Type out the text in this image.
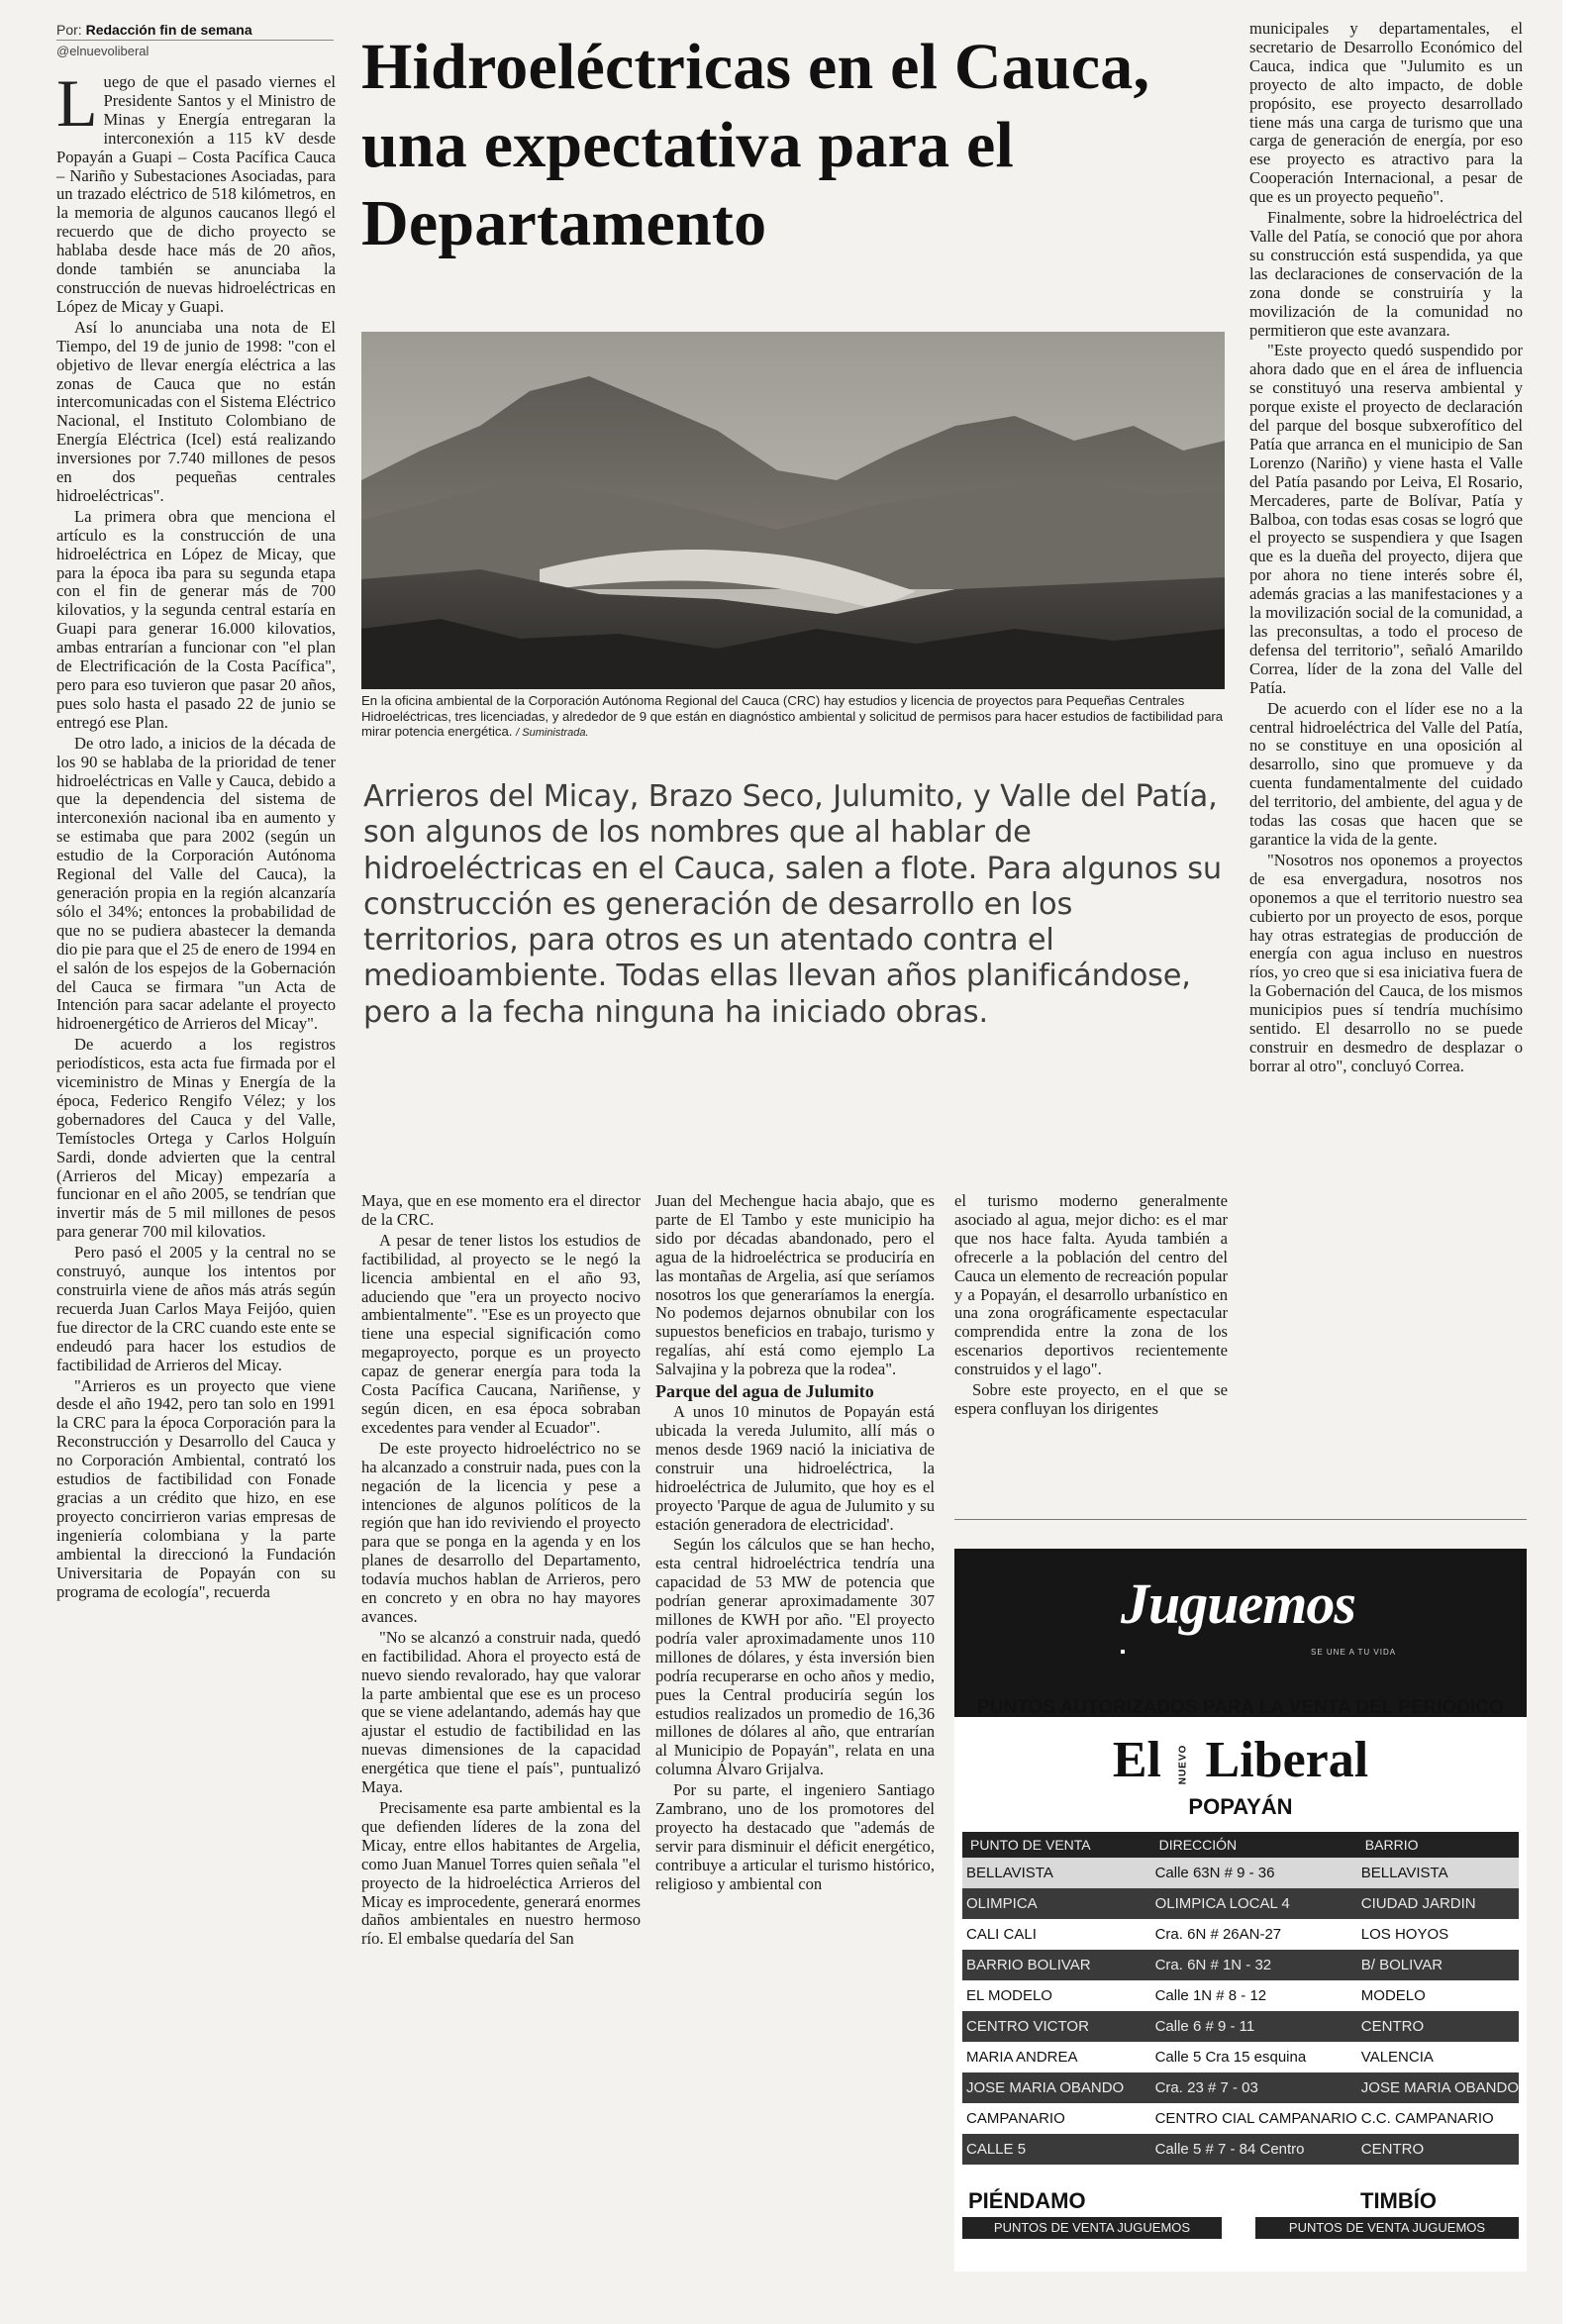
Por: Redacción fin de semana
@elnuevoliberal

Luego de que el pasado viernes el Presidente Santos y el Ministro de Minas y Energía entregaran la interconexión a 115 kV desde Popayán a Guapi – Costa Pacífica Cauca – Nariño y Subestaciones Asociadas, para un trazado eléctrico de 518 kilómetros, en la memoria de algunos caucanos llegó el recuerdo que de dicho proyecto se hablaba desde hace más de 20 años, donde también se anunciaba la construcción de nuevas hidroeléctricas en López de Micay y Guapi.

Así lo anunciaba una nota de El Tiempo, del 19 de junio de 1998: "con el objetivo de llevar energía eléctrica a las zonas de Cauca que no están intercomunicadas con el Sistema Eléctrico Nacional, el Instituto Colombiano de Energía Eléctrica (Icel) está realizando inversiones por 7.740 millones de pesos en dos pequeñas centrales hidroeléctricas".

La primera obra que menciona el artículo es la construcción de una hidroeléctrica en López de Micay, que para la época iba para su segunda etapa con el fin de generar más de 700 kilovatios, y la segunda central estaría en Guapi para generar 16.000 kilovatios, ambas entrarían a funcionar con "el plan de Electrificación de la Costa Pacífica", pero para eso tuvieron que pasar 20 años, pues solo hasta el pasado 22 de junio se entregó ese Plan.

De otro lado, a inicios de la década de los 90 se hablaba de la prioridad de tener hidroeléctricas en Valle y Cauca, debido a que la dependencia del sistema de interconexión nacional iba en aumento y se estimaba que para 2002 (según un estudio de la Corporación Autónoma Regional del Valle del Cauca), la generación propia en la región alcanzaría sólo el 34%; entonces la probabilidad de que no se pudiera abastecer la demanda dio pie para que el 25 de enero de 1994 en el salón de los espejos de la Gobernación del Cauca se firmara "un Acta de Intención para sacar adelante el proyecto hidroenergético de Arrieros del Micay".

De acuerdo a los registros periodísticos, esta acta fue firmada por el viceministro de Minas y Energía de la época, Federico Rengifo Vélez; y los gobernadores del Cauca y del Valle, Temístocles Ortega y Carlos Holguín Sardi, donde advierten que la central (Arrieros del Micay) empezaría a funcionar en el año 2005, se tendrían que invertir más de 5 mil millones de pesos para generar 700 mil kilovatios.

Pero pasó el 2005 y la central no se construyó, aunque los intentos por construirla viene de años más atrás según recuerda Juan Carlos Maya Feijóo, quien fue director de la CRC cuando este ente se endeudó para hacer los estudios de factibilidad de Arrieros del Micay.

"Arrieros es un proyecto que viene desde el año 1942, pero tan solo en 1991 la CRC para la época Corporación para la Reconstrucción y Desarrollo del Cauca y no Corporación Ambiental, contrató los estudios de factibilidad con Fonade gracias a un crédito que hizo, en ese proyecto concirrieron varias empresas de ingeniería colombiana y la parte ambiental la direccionó la Fundación Universitaria de Popayán con su programa de ecología", recuerda

Hidroeléctricas en el Cauca, una expectativa para el Departamento
En la oficina ambiental de la Corporación Autónoma Regional del Cauca (CRC) hay estudios y licencia de proyectos para Pequeñas Centrales Hidroeléctricas, tres licenciadas, y alrededor de 9 que están en diagnóstico ambiental y solicitud de permisos para hacer estudios de factibilidad para mirar potencia energética. / Suministrada.
Arrieros del Micay, Brazo Seco, Julumito, y Valle del Patía, son algunos de los nombres que al hablar de hidroeléctricas en el Cauca, salen a flote. Para algunos su construcción es generación de desarrollo en los territorios, para otros es un atentado contra el medioambiente. Todas ellas llevan años planificándose, pero a la fecha ninguna ha iniciado obras.

Maya, que en ese momento era el director de la CRC.

A pesar de tener listos los estudios de factibilidad, al proyecto se le negó la licencia ambiental en el año 93, aduciendo que "era un proyecto nocivo ambientalmente". "Ese es un proyecto que tiene una especial significación como megaproyecto, porque es un proyecto capaz de generar energía para toda la Costa Pacífica Caucana, Nariñense, y según dicen, en esa época sobraban excedentes para vender al Ecuador".

De este proyecto hidroeléctrico no se ha alcanzado a construir nada, pues con la negación de la licencia y pese a intenciones de algunos políticos de la región que han ido reviviendo el proyecto para que se ponga en la agenda y en los planes de desarrollo del Departamento, todavía muchos hablan de Arrieros, pero en concreto y en obra no hay mayores avances.

"No se alcanzó a construir nada, quedó en factibilidad. Ahora el proyecto está de nuevo siendo revalorado, hay que valorar la parte ambiental que ese es un proceso que se viene adelantando, además hay que ajustar el estudio de factibilidad en las nuevas dimensiones de la capacidad energética que tiene el país", puntualizó Maya.

Precisamente esa parte ambiental es la que defienden líderes de la zona del Micay, entre ellos habitantes de Argelia, como Juan Manuel Torres quien señala "el proyecto de la hidroeléctica Arrieros del Micay es improcedente, generará enormes daños ambientales en nuestro hermoso río. El embalse quedaría del San

Juan del Mechengue hacia abajo, que es parte de El Tambo y este municipio ha sido por décadas abandonado, pero el agua de la hidroeléctrica se produciría en las montañas de Argelia, así que seríamos nosotros los que generaríamos la energía. No podemos dejarnos obnubilar con los supuestos beneficios en trabajo, turismo y regalías, ahí está como ejemplo La Salvajina y la pobreza que la rodea".

Parque del agua de Julumito

A unos 10 minutos de Popayán está ubicada la vereda Julumito, allí más o menos desde 1969 nació la iniciativa de construir una hidroeléctrica, la hidroeléctrica de Julumito, que hoy es el proyecto 'Parque de agua de Julumito y su estación generadora de electricidad'.

Según los cálculos que se han hecho, esta central hidroeléctrica tendría una capacidad de 53 MW de potencia que podrían generar aproximadamente 307 millones de KWH por año. "El proyecto podría valer aproximadamente unos 110 millones de dólares, y ésta inversión bien podría recuperarse en ocho años y medio, pues la Central produciría según los estudios realizados un promedio de 16,36 millones de dólares al año, que entrarían al Municipio de Popayán", relata en una columna Álvaro Grijalva.

Por su parte, el ingeniero Santiago Zambrano, uno de los promotores del proyecto ha destacado que "además de servir para disminuir el déficit energético, contribuye a articular el turismo histórico, religioso y ambiental con

el turismo moderno generalmente asociado al agua, mejor dicho: es el mar que nos hace falta. Ayuda también a ofrecerle a la población del centro del Cauca un elemento de recreación popular y a Popayán, el desarrollo urbanístico en una zona orográficamente espectacular comprendida entre la zona de los escenarios deportivos recientemente construidos y el lago".

Sobre este proyecto, en el que se espera confluyan los dirigentes

municipales y departamentales, el secretario de Desarrollo Económico del Cauca, indica que "Julumito es un proyecto de alto impacto, de doble propósito, ese proyecto desarrollado tiene más una carga de turismo que una carga de generación de energía, por eso ese proyecto es atractivo para la Cooperación Internacional, a pesar de que es un proyecto pequeño".

Finalmente, sobre la hidroeléctrica del Valle del Patía, se conoció que por ahora su construcción está suspendida, ya que las declaraciones de conservación de la zona donde se construiría y la movilización de la comunidad no permitieron que este avanzara.

"Este proyecto quedó suspendido por ahora dado que en el área de influencia se constituyó una reserva ambiental y porque existe el proyecto de declaración del parque del bosque subxerofítico del Patía que arranca en el municipio de San Lorenzo (Nariño) y viene hasta el Valle del Patía pasando por Leiva, El Rosario, Mercaderes, parte de Bolívar, Patía y Balboa, con todas esas cosas se logró que el proyecto se suspendiera y que Isagen que es la dueña del proyecto, dijera que por ahora no tiene interés sobre él, además gracias a las manifestaciones y a la movilización social de la comunidad, a las preconsultas, a todo el proceso de defensa del territorio", señaló Amarildo Correa, líder de la zona del Valle del Patía.

De acuerdo con el líder ese no a la central hidroeléctrica del Valle del Patía, no se constituye en una oposición al desarrollo, sino que promueve y da cuenta fundamentalmente del cuidado del territorio, del ambiente, del agua y de todas las cosas que hacen que se garantice la vida de la gente.

"Nosotros nos oponemos a proyectos de esa envergadura, nosotros nos oponemos a que el territorio nuestro sea cubierto por un proyecto de esos, porque hay otras estrategias de producción de energía con agua incluso en nuestros ríos, yo creo que si esa iniciativa fuera de la Gobernación del Cauca, de los mismos municipios pues sí tendría muchísimo sentido. El desarrollo no se puede construir en desmedro de desplazar o borrar al otro", concluyó Correa.

Juguemos
SE UNE A TU VIDA
PUNTOS AUTORIZADOS PARA LA VENTA DEL PERIÓDICO
El NUEVO Liberal
POPAYÁN
PUNTO DE VENTA	DIRECCIÓN	BARRIO
BELLAVISTA	Calle 63N # 9 - 36	BELLAVISTA
OLIMPICA	OLIMPICA LOCAL 4	CIUDAD JARDIN
CALI CALI	Cra. 6N # 26AN-27	LOS HOYOS
BARRIO BOLIVAR	Cra. 6N # 1N - 32	B/ BOLIVAR
EL MODELO	Calle 1N # 8 - 12	MODELO
CENTRO VICTOR	Calle 6 # 9 - 11	CENTRO
MARIA ANDREA	Calle 5 Cra 15 esquina	VALENCIA
JOSE MARIA OBANDO	Cra. 23 # 7 - 03	JOSE MARIA OBANDO
CAMPANARIO	CENTRO CIAL CAMPANARIO	C.C. CAMPANARIO
CALLE 5	Calle 5 # 7 - 84 Centro	CENTRO
PIÉNDAMO	TIMBÍO
PUNTOS DE VENTA JUGUEMOS	PUNTOS DE VENTA JUGUEMOS
